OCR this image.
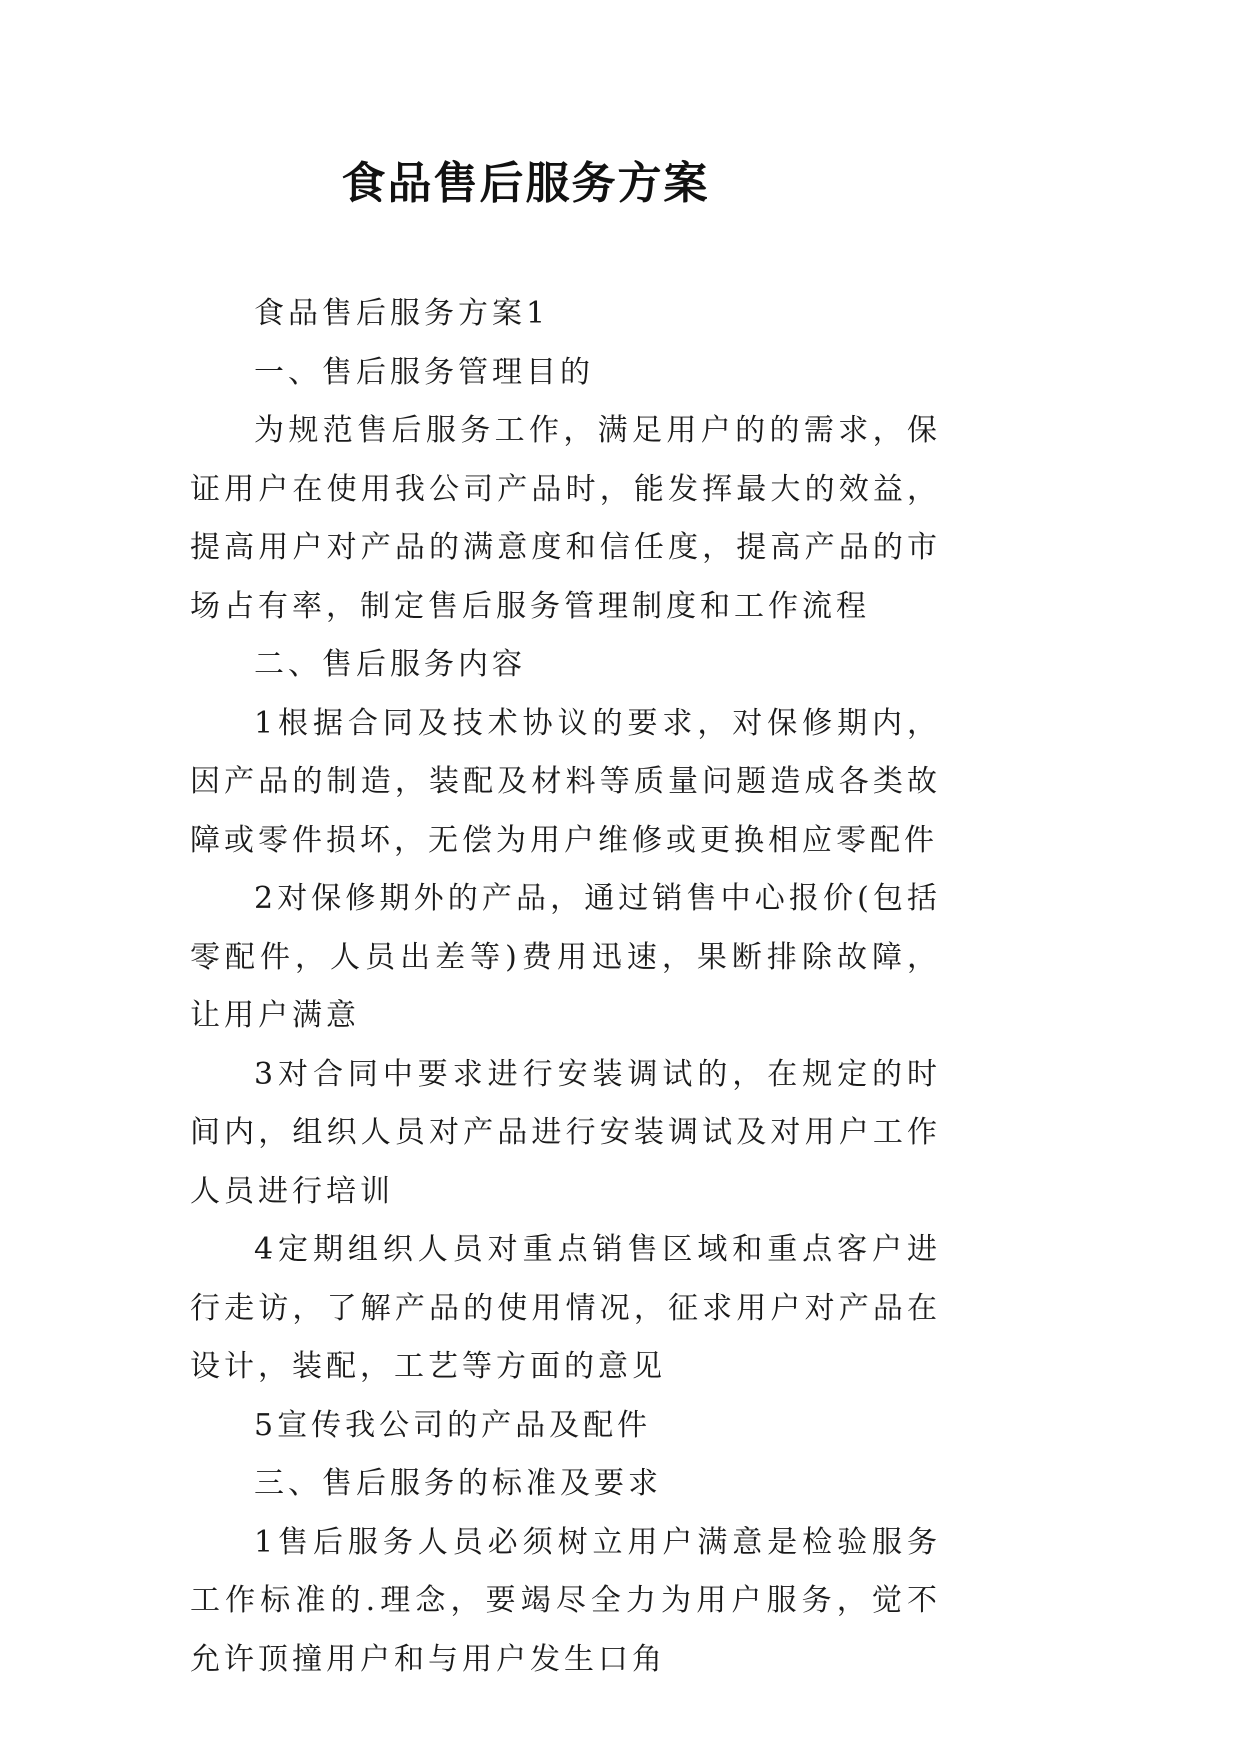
食品售后服务方案

食品售后服务方案1

一、售后服务管理目的

为规范售后服务工作，满足用户的的需求，保证用户在使用我公司产品时，能发挥最大的效益，提高用户对产品的满意度和信任度，提高产品的市场占有率，制定售后服务管理制度和工作流程

二、售后服务内容

1根据合同及技术协议的要求，对保修期内，因产品的制造，装配及材料等质量问题造成各类故障或零件损坏，无偿为用户维修或更换相应零配件

2对保修期外的产品，通过销售中心报价(包括零配件，人员出差等)费用迅速，果断排除故障，让用户满意

3对合同中要求进行安装调试的，在规定的时间内，组织人员对产品进行安装调试及对用户工作人员进行培训

4定期组织人员对重点销售区域和重点客户进行走访，了解产品的使用情况，征求用户对产品在设计，装配，工艺等方面的意见

5宣传我公司的产品及配件

三、售后服务的标准及要求

1售后服务人员必须树立用户满意是检验服务工作标准的.理念，要竭尽全力为用户服务，觉不允许顶撞用户和与用户发生口角
